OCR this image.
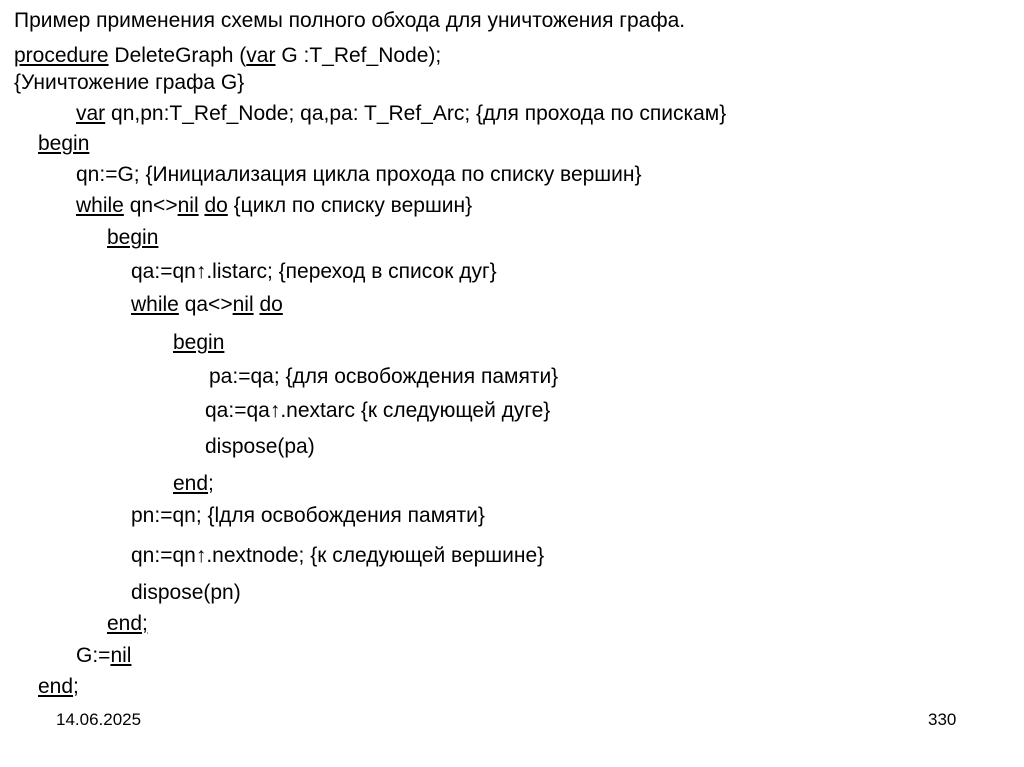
Пример применения схемы полного обхода для уничтожения графа.
procedure DeleteGraph (var G :T_Ref_Node);
{Уничтожение графа G}
var qn,pn:T_Ref_Node; qa,pa: T_Ref_Arc; {для прохода по спискам}
begin
qn:=G; {Инициализация цикла прохода по списку вершин}
while qn<>nil do {цикл по списку вершин}
begin
qa:=qn↑.listarc; {переход в список дуг}
while qa<>nil do
begin
pa:=qa; {для освобождения памяти}
qa:=qa↑.nextarc {к следующей дуге}
dispose(pa)
end;
pn:=qn; {lдля освобождения памяти}
qn:=qn↑.nextnode; {к следующей вершине}
dispose(pn)
end;
G:=nil
end;
14.06.2025	330
